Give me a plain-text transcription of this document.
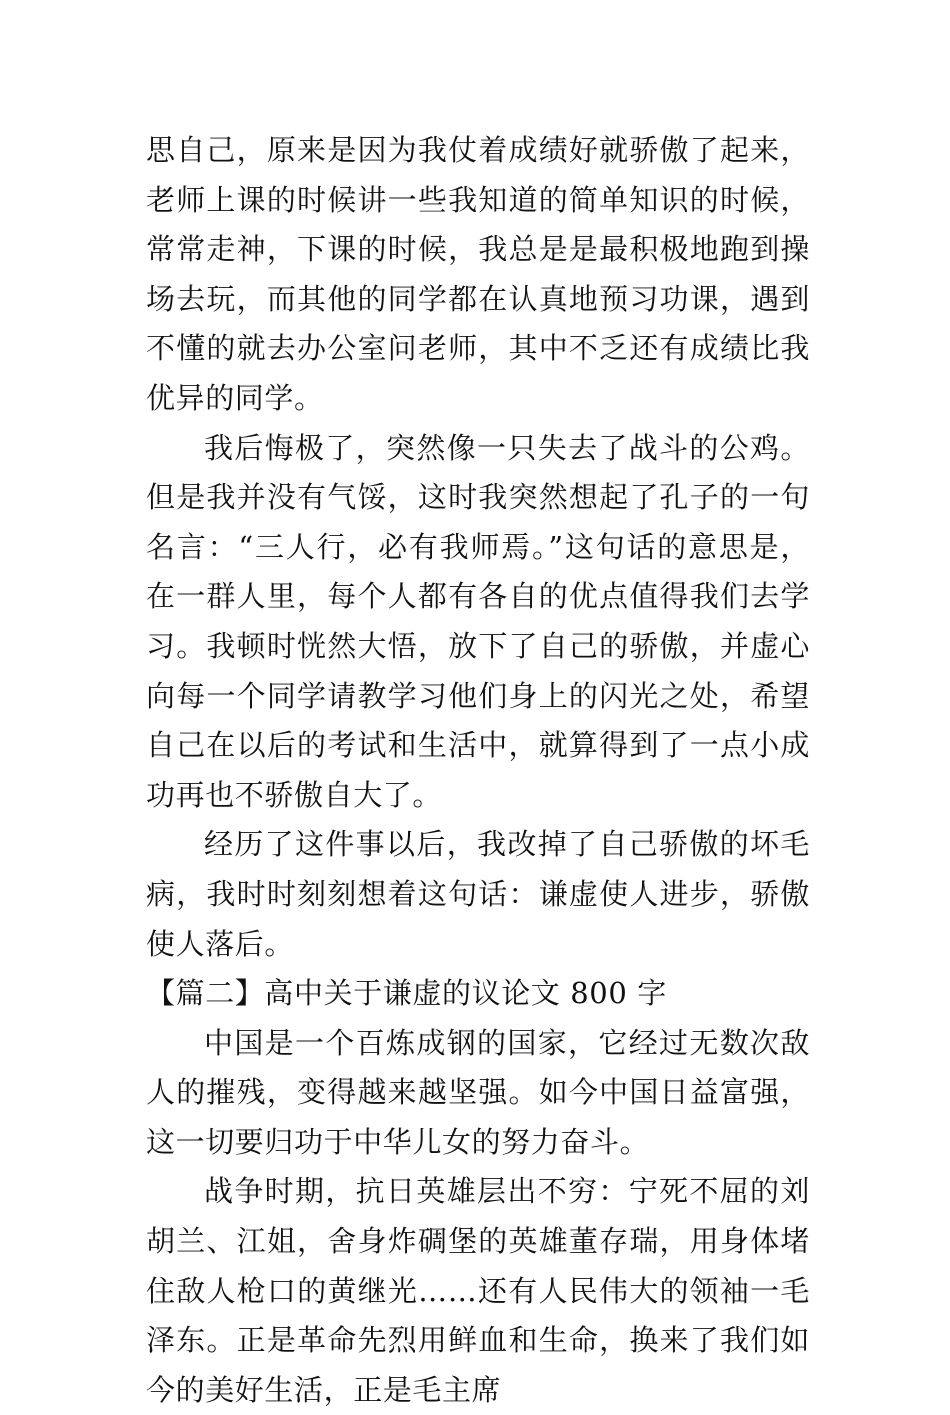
思自己，原来是因为我仗着成绩好就骄傲了起来，老师上课的时候讲一些我知道的简单知识的时候，常常走神，下课的时候，我总是是最积极地跑到操场去玩，而其他的同学都在认真地预习功课，遇到不懂的就去办公室问老师，其中不乏还有成绩比我优异的同学。

我后悔极了，突然像一只失去了战斗的公鸡。但是我并没有气馁，这时我突然想起了孔子的一句名言：“三人行，必有我师焉。”这句话的意思是，在一群人里，每个人都有各自的优点值得我们去学习。我顿时恍然大悟，放下了自己的骄傲，并虚心向每一个同学请教学习他们身上的闪光之处，希望自己在以后的考试和生活中，就算得到了一点小成功再也不骄傲自大了。

经历了这件事以后，我改掉了自己骄傲的坏毛病，我时时刻刻想着这句话：谦虚使人进步，骄傲使人落后。

【篇二】高中关于谦虚的议论文 800 字

中国是一个百炼成钢的国家，它经过无数次敌人的摧残，变得越来越坚强。如今中国日益富强，这一切要归功于中华儿女的努力奋斗。

战争时期，抗日英雄层出不穷：宁死不屈的刘胡兰、江姐，舍身炸碉堡的英雄董存瑞，用身体堵住敌人枪口的黄继光……还有人民伟大的领袖一毛泽东。正是革命先烈用鲜血和生命，换来了我们如今的美好生活，正是毛主席
